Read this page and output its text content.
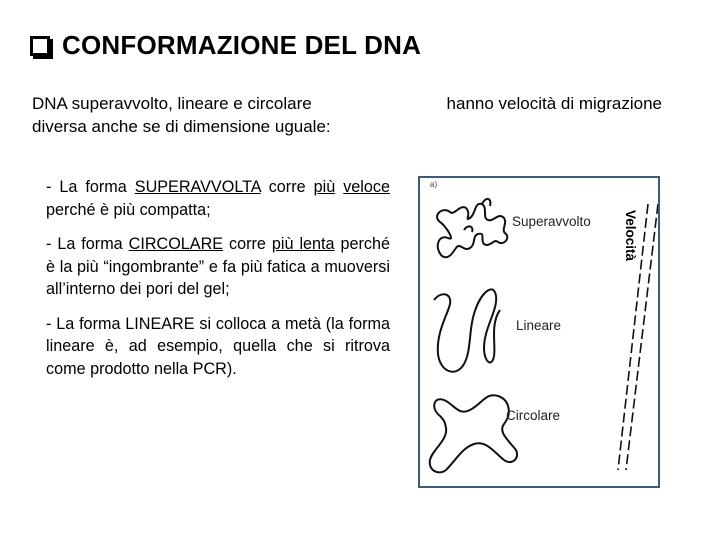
CONFORMAZIONE DEL DNA
DNA superavvolto, lineare e circolare	hanno velocità di migrazione
diversa anche se di dimensione uguale:
- La forma SUPERAVVOLTA corre più veloce perché è più compatta;
- La forma CIRCOLARE corre più lenta perché è la più “ingombrante” e fa più fatica a muoversi all’interno dei pori del gel;
- La forma LINEARE si colloca a metà (la forma lineare è, ad esempio, quella che si ritrova come prodotto nella PCR).
a)
Superavvolto
Lineare
Circolare
Velocità
